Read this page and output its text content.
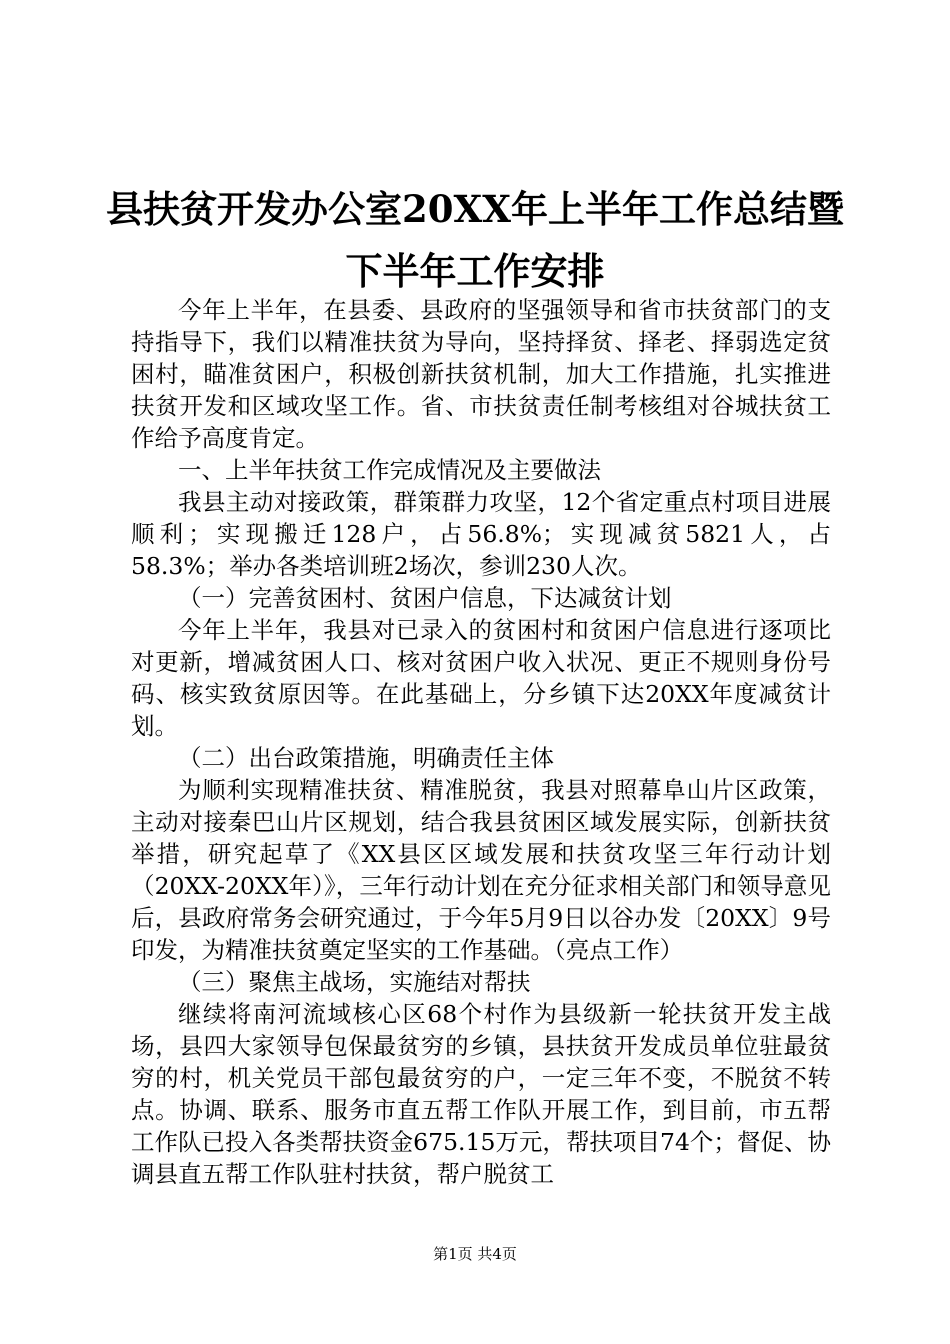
县扶贫开发办公室20XX年上半年工作总结暨
下半年工作安排

今年上半年，在县委、县政府的坚强领导和省市扶贫部门的支持指导下，我们以精准扶贫为导向，坚持择贫、择老、择弱选定贫困村，瞄准贫困户，积极创新扶贫机制，加大工作措施，扎实推进扶贫开发和区域攻坚工作。省、市扶贫责任制考核组对谷城扶贫工作给予高度肯定。

一、上半年扶贫工作完成情况及主要做法

我县主动对接政策，群策群力攻坚，12个省定重点村项目进展顺利；实现搬迁128户，占56.8%；实现减贫5821人，占58.3%；举办各类培训班2场次，参训230人次。

（一）完善贫困村、贫困户信息，下达减贫计划

今年上半年，我县对已录入的贫困村和贫困户信息进行逐项比对更新，增减贫困人口、核对贫困户收入状况、更正不规则身份号码、核实致贫原因等。在此基础上，分乡镇下达20XX年度减贫计划。

（二）出台政策措施，明确责任主体

为顺利实现精准扶贫、精准脱贫，我县对照幕阜山片区政策，主动对接秦巴山片区规划，结合我县贫困区域发展实际，创新扶贫举措，研究起草了《XX县区区域发展和扶贫攻坚三年行动计划（20XX-20XX年）》，三年行动计划在充分征求相关部门和领导意见后，县政府常务会研究通过，于今年5月9日以谷办发〔20XX〕9号印发，为精准扶贫奠定坚实的工作基础。（亮点工作）

（三）聚焦主战场，实施结对帮扶

继续将南河流域核心区68个村作为县级新一轮扶贫开发主战场，县四大家领导包保最贫穷的乡镇，县扶贫开发成员单位驻最贫穷的村，机关党员干部包最贫穷的户，一定三年不变，不脱贫不转点。协调、联系、服务市直五帮工作队开展工作，到目前，市五帮工作队已投入各类帮扶资金675.15万元，帮扶项目74个；督促、协调县直五帮工作队驻村扶贫，帮户脱贫工

第1页 共4页
